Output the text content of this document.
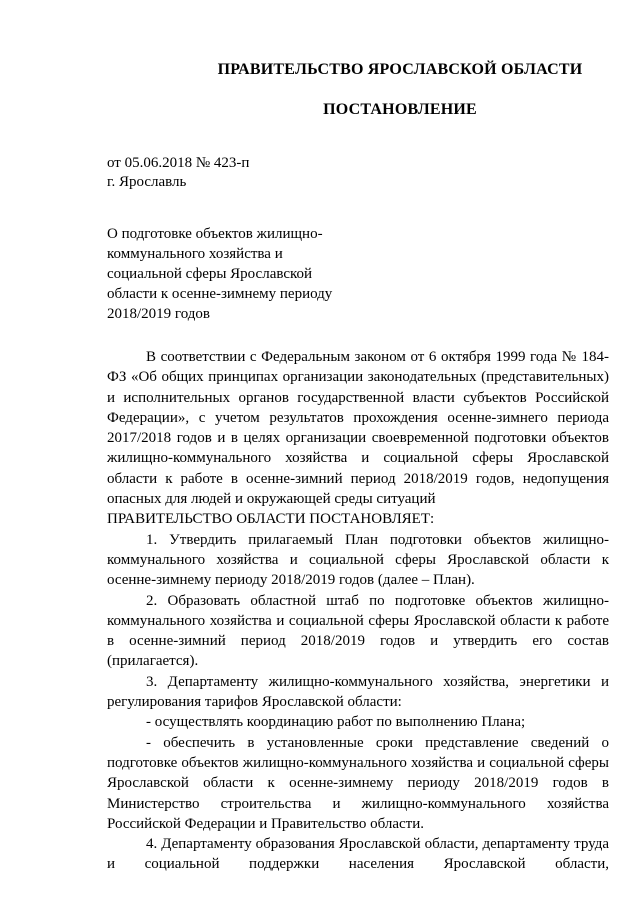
ПРАВИТЕЛЬСТВО ЯРОСЛАВСКОЙ ОБЛАСТИ
ПОСТАНОВЛЕНИЕ
от 05.06.2018 № 423-п
г. Ярославль
О подготовке объектов жилищно-
коммунального хозяйства и
социальной сферы Ярославской
области к осенне-зимнему периоду
2018/2019 годов

В соответствии с Федеральным законом от 6 октября 1999 года № 184-ФЗ «Об общих принципах организации законодательных (представительных) и исполнительных органов государственной власти субъектов Российской Федерации», с учетом результатов прохождения осенне-зимнего периода 2017/2018 годов и в целях организации своевременной подготовки объектов жилищно-коммунального хозяйства и социальной сферы Ярославской области к работе в осенне-зимний период 2018/2019 годов, недопущения опасных для людей и окружающей среды ситуаций

ПРАВИТЕЛЬСТВО ОБЛАСТИ ПОСТАНОВЛЯЕТ:

1. Утвердить прилагаемый План подготовки объектов жилищно-коммунального хозяйства и социальной сферы Ярославской области к осенне-зимнему периоду 2018/2019 годов (далее – План).

2. Образовать областной штаб по подготовке объектов жилищно-коммунального хозяйства и социальной сферы Ярославской области к работе в осенне-зимний период 2018/2019 годов и утвердить его состав (прилагается).

3. Департаменту жилищно-коммунального хозяйства, энергетики и регулирования тарифов Ярославской области:

- осуществлять координацию работ по выполнению Плана;

- обеспечить в установленные сроки представление сведений о подготовке объектов жилищно-коммунального хозяйства и социальной сферы Ярославской области к осенне-зимнему периоду 2018/2019 годов в Министерство строительства и жилищно-коммунального хозяйства Российской Федерации и Правительство области.

4. Департаменту образования Ярославской области, департаменту труда и социальной поддержки населения Ярославской области,
